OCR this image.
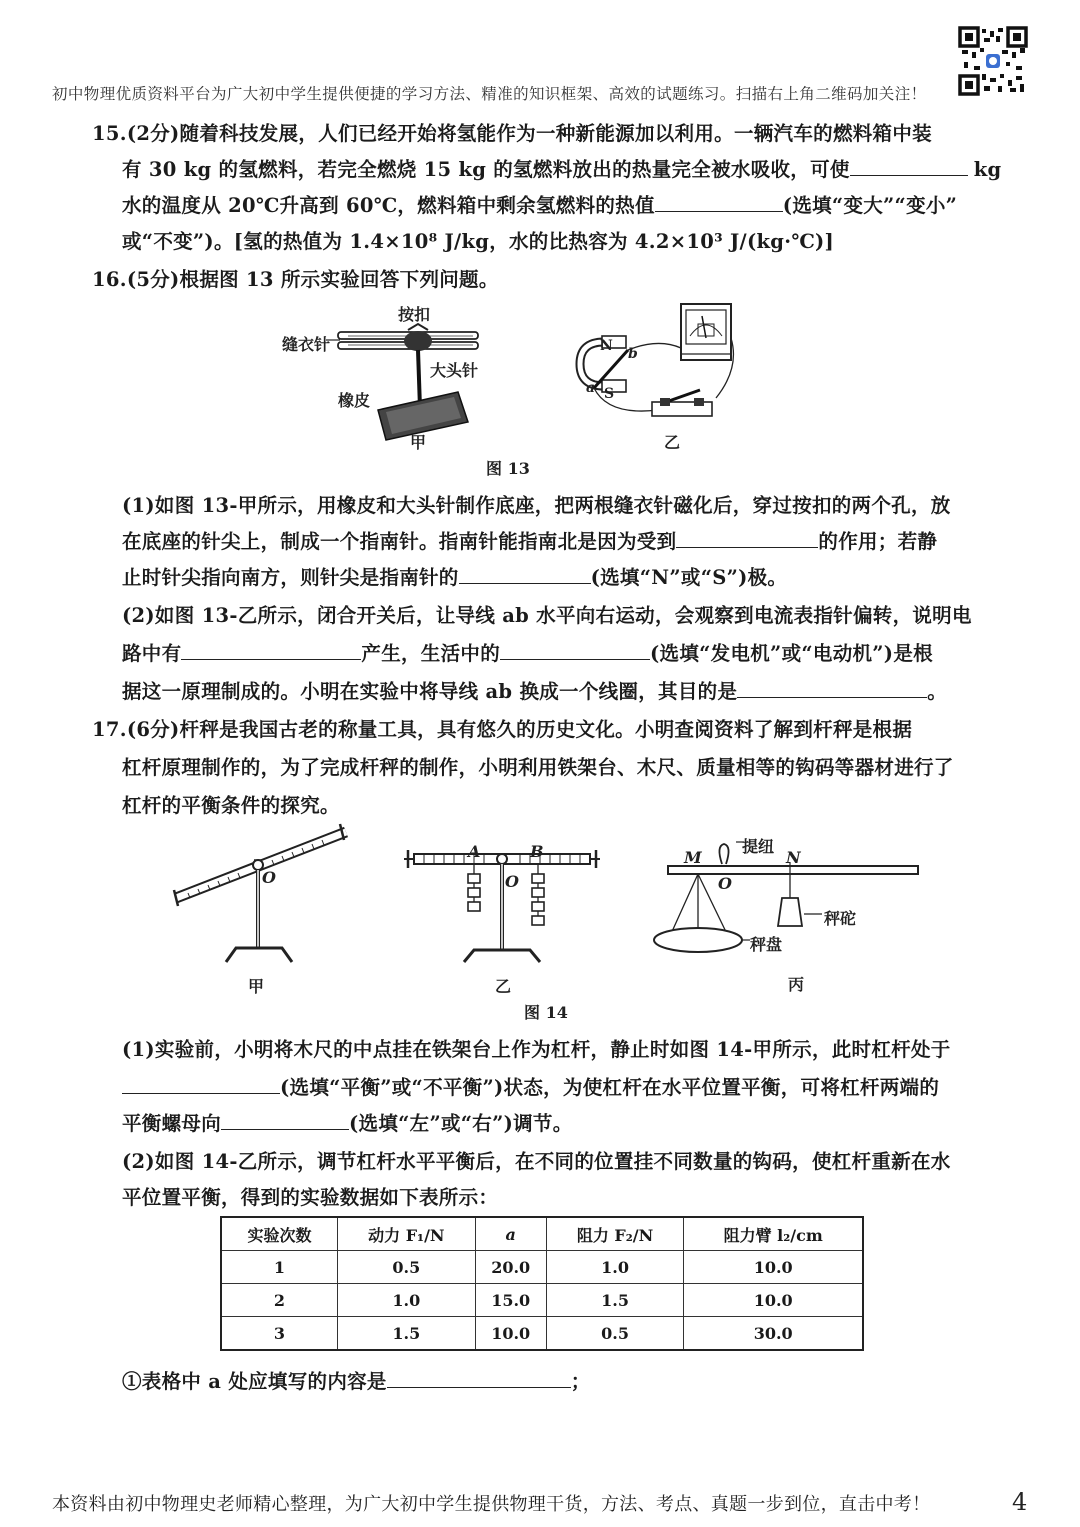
初中物理优质资料平台为广大初中学生提供便捷的学习方法、精准的知识框架、高效的试题练习。扫描右上角二维码加关注！
15.(2分)随着科技发展，人们已经开始将氢能作为一种新能源加以利用。一辆汽车的燃料箱中装
有 30 kg 的氢燃料，若完全燃烧 15 kg 的氢燃料放出的热量完全被水吸收，可使	kg
水的温度从 20℃升高到 60℃，燃料箱中剩余氢燃料的热值	(选填“变大”“变小”
或“不变”)。[氢的热值为 1.4×10⁸ J/kg，水的比热容为 4.2×10³ J/(kg·℃)]
16.(5分)根据图 13 所示实验回答下列问题。
缝衣针
按扣
大头针
橡皮
甲
N
S
a
b
乙
图 13
(1)如图 13-甲所示，用橡皮和大头针制作底座，把两根缝衣针磁化后，穿过按扣的两个孔，放
在底座的针尖上，制成一个指南针。指南针能指南北是因为受到	的作用；若静
止时针尖指向南方，则针尖是指南针的	(选填“N”或“S”)极。
(2)如图 13-乙所示，闭合开关后，让导线 ab 水平向右运动，会观察到电流表指针偏转，说明电
路中有	产生，生活中的	(选填“发电机”或“电动机”)是根
据这一原理制成的。小明在实验中将导线 ab 换成一个线圈，其目的是	。
17.(6分)杆秤是我国古老的称量工具，具有悠久的历史文化。小明查阅资料了解到杆秤是根据
杠杆原理制作的，为了完成杆秤的制作，小明利用铁架台、木尺、质量相等的钩码等器材进行了
杠杆的平衡条件的探究。
O
甲
A	B
O
乙
M
O
N
提纽
秤砣
秤盘
丙
图 14
(1)实验前，小明将木尺的中点挂在铁架台上作为杠杆，静止时如图 14-甲所示，此时杠杆处于
(选填“平衡”或“不平衡”)状态，为使杠杆在水平位置平衡，可将杠杆两端的
平衡螺母向	(选填“左”或“右”)调节。
(2)如图 14-乙所示，调节杠杆水平平衡后，在不同的位置挂不同数量的钩码，使杠杆重新在水
平位置平衡，得到的实验数据如下表所示：
实验次数	动力 F₁/N	a	阻力 F₂/N	阻力臂 l₂/cm
1	0.5	20.0	1.0	10.0
2	1.0	15.0	1.5	10.0
3	1.5	10.0	0.5	30.0
①表格中 a 处应填写的内容是	；
本资料由初中物理史老师精心整理，为广大初中学生提供物理干货，方法、考点、真题一步到位，直击中考！	4
